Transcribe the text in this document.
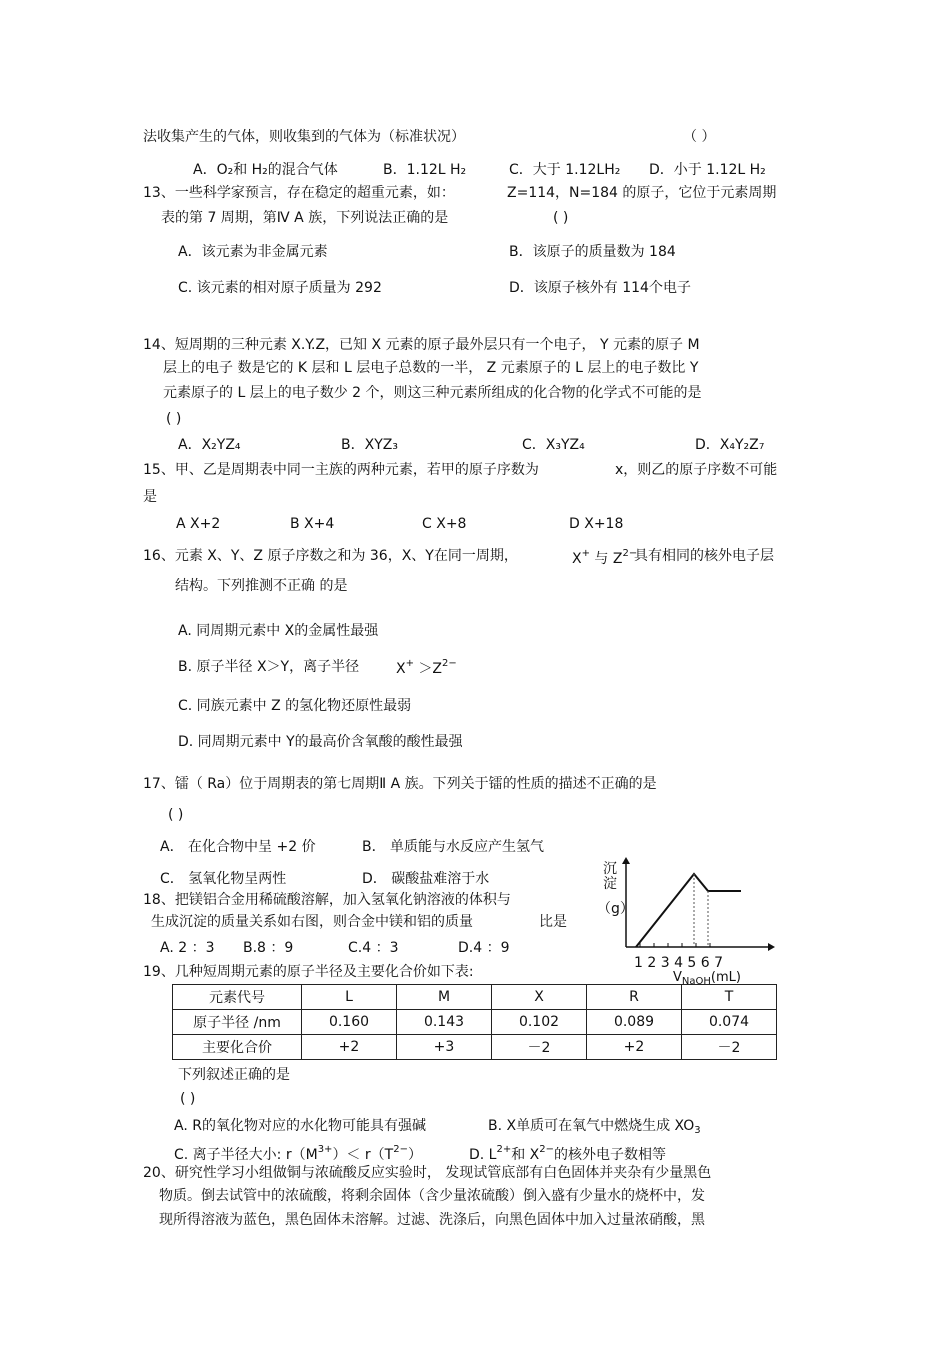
法收集产生的气体，则收集到的气体为（标准状况）	（ ）
A．O₂和 H₂的混合气体	B．1.12L H₂	C．大于 1.12LH₂ D．小于 1.12L H₂
13、一些科学家预言，存在稳定的超重元素，如：	Z=114，N=184 的原子，它位于元素周期
表的第 7 周期，第Ⅳ A 族，下列说法正确的是	( )
A．该元素为非金属元素	B．该原子的质量数为 184
C. 该元素的相对原子质量为 292	D．该原子核外有 114个电子
14、短周期的三种元素 X.Y.Z，已知 X 元素的原子最外层只有一个电子， Y 元素的原子 M
层上的电子 数是它的 K 层和 L 层电子总数的一半， Z 元素原子的 L 层上的电子数比 Y
元素原子的 L 层上的电子数少 2 个，则这三种元素所组成的化合物的化学式不可能的是
( )
A．X₂YZ₄	B．XYZ₃	C．X₃YZ₄	D．X₄Y₂Z₇
15、甲、乙是周期表中同一主族的两种元素，若甲的原子序数为	x，则乙的原子序数不可能
是
A X+2	B X+4	C X+8	D X+18
16、元素 X、Y、Z 原子序数之和为 36，X、Y在同一周期，	X+ 与 $Z^{2-}$
具有相同的核外电子层
结构。下列推测不正确 的是
A. 同周期元素中 X的金属性最强
B. 原子半径 X＞Y，离子半径	$X^+ >Z^{2-}$
C. 同族元素中 Z 的氢化物还原性最弱
D. 同周期元素中 Y的最高价含氧酸的酸性最强
17、镭（ Ra）位于周期表的第七周期Ⅱ A 族。下列关于镭的性质的描述不正确的是
( )
A． 在化合物中呈 +2 价	B． 单质能与水反应产生氢气
C． 氢氧化物呈两性	D． 碳酸盐难溶于水
18、把镁铝合金用稀硫酸溶解，加入氢氧化钠溶液的体积与
生成沉淀的质量关系如右图，则合金中镁和铝的质量	比是
A. 2 ：3 B.8 ：9	C.4 ：3	D.4 ：9
沉
淀
（g）
1 2 3 4 5 6 7
$V_{NaOH}(mL)$
19、几种短周期元素的原子半径及主要化合价如下表:
元素代号	L	M	X	R	T
原子半径 /nm	0.160	0.143	0.102	0.089	0.074
主要化合价	+2	+3	－2	+2	－2
下列叙述正确的是
( )
A. R的氧化物对应的水化物可能具有强碱	B. X单质可在氧气中燃烧生成 $XO_3$
C. 离子半径大小: $r(M^{3+})< r(T^{2-})$	D. $L^{2+}$和 $X^{2-}$的核外电子数相等
20、研究性学习小组做铜与浓硫酸反应实验时， 发现试管底部有白色固体并夹杂有少量黑色
物质。倒去试管中的浓硫酸，将剩余固体（含少量浓硫酸）倒入盛有少量水的烧杯中，发
现所得溶液为蓝色，黑色固体未溶解。过滤、洗涤后，向黑色固体中加入过量浓硝酸，黑
